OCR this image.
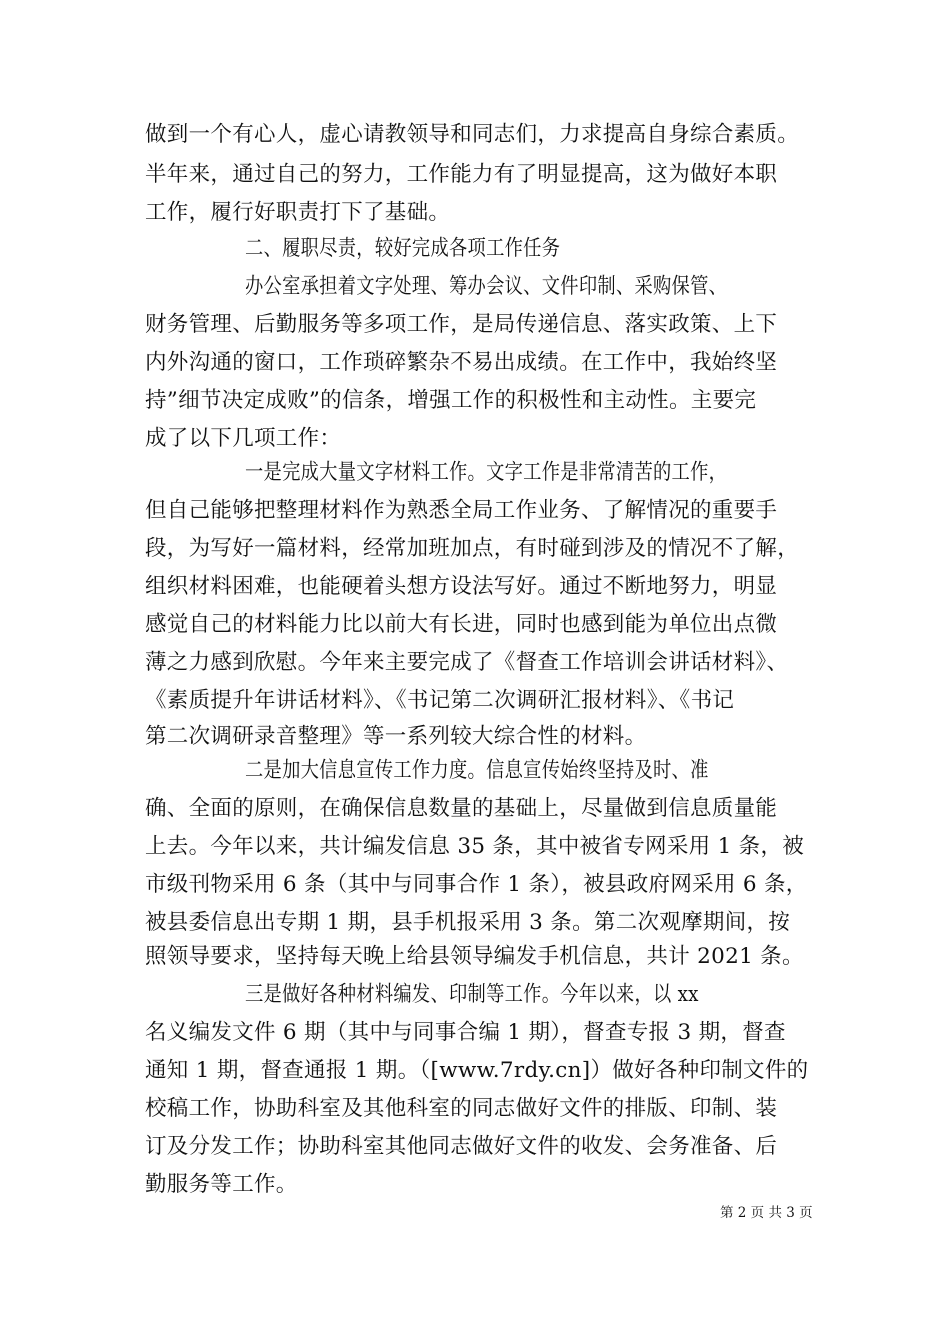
做到一个有心人，虚心请教领导和同志们，力求提高自身综合素质。
半年来，通过自己的努力，工作能力有了明显提高，这为做好本职
工作，履行好职责打下了基础。
二、履职尽责，较好完成各项工作任务
办公室承担着文字处理、筹办会议、文件印制、采购保管、
财务管理、后勤服务等多项工作，是局传递信息、落实政策、上下
内外沟通的窗口，工作琐碎繁杂不易出成绩。在工作中，我始终坚
持”细节决定成败”的信条，增强工作的积极性和主动性。主要完
成了以下几项工作：
一是完成大量文字材料工作。文字工作是非常清苦的工作，
但自己能够把整理材料作为熟悉全局工作业务、了解情况的重要手
段，为写好一篇材料，经常加班加点，有时碰到涉及的情况不了解，
组织材料困难，也能硬着头想方设法写好。通过不断地努力，明显
感觉自己的材料能力比以前大有长进，同时也感到能为单位出点微
薄之力感到欣慰。今年来主要完成了《督查工作培训会讲话材料》、
《素质提升年讲话材料》、《书记第二次调研汇报材料》、《书记
第二次调研录音整理》等一系列较大综合性的材料。
二是加大信息宣传工作力度。信息宣传始终坚持及时、准
确、全面的原则，在确保信息数量的基础上，尽量做到信息质量能
上去。今年以来，共计编发信息 35 条，其中被省专网采用 1 条，被
市级刊物采用 6 条（其中与同事合作 1 条），被县政府网采用 6 条，
被县委信息出专期 1 期，县手机报采用 3 条。第二次观摩期间，按
照领导要求，坚持每天晚上给县领导编发手机信息，共计 2021 条。
三是做好各种材料编发、印制等工作。今年以来，以 xx
名义编发文件 6 期（其中与同事合编 1 期），督查专报 3 期，督查
通知 1 期，督查通报 1 期。（[www.7rdy.cn]）做好各种印制文件的
校稿工作，协助科室及其他科室的同志做好文件的排版、印制、装
订及分发工作；协助科室其他同志做好文件的收发、会务准备、后
勤服务等工作。
第 2 页 共 3 页
